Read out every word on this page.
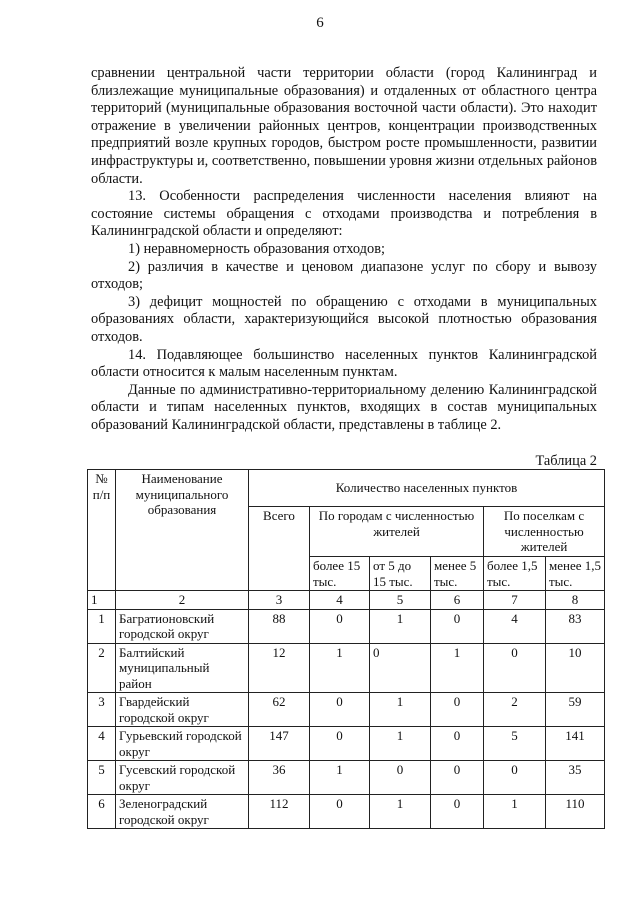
6

сравнении центральной части территории области (город Калининград и близлежащие муниципальные образования) и отдаленных от областного центра территорий (муниципальные образования восточной части области). Это находит отражение в увеличении районных центров, концентрации производственных предприятий возле крупных городов, быстром росте промышленности, развитии инфраструктуры и, соответственно, повышении уровня жизни отдельных районов области.

13. Особенности распределения численности населения влияют на состояние системы обращения с отходами производства и потребления в Калининградской области и определяют:

1) неравномерность образования отходов;

2) различия в качестве и ценовом диапазоне услуг по сбору и вывозу отходов;

3) дефицит мощностей по обращению с отходами в муниципальных образованиях области, характеризующийся высокой плотностью образования отходов.

14. Подавляющее большинство населенных пунктов Калининградской области относится к малым населенным пунктам.

Данные по административно-территориальному делению Калининградской области и типам населенных пунктов, входящих в состав муниципальных образований Калининградской области, представлены в таблице 2.

Таблица 2
№ п/п	Наименование муниципального образования	Количество населенных пунктов					
		Всего	По городам с численностью жителей			По поселкам с численностью жителей	
			более 15 тыс.	от 5 до 15 тыс.	менее 5 тыс.	более 1,5 тыс.	менее 1,5 тыс.
1	2	3	4	5	6	7	8
1	Багратионовский городской округ	88	0	1	0	4	83
2	Балтийский муниципальный район	12	1	0	1	0	10
3	Гвардейский городской округ	62	0	1	0	2	59
4	Гурьевский городской округ	147	0	1	0	5	141
5	Гусевский городской округ	36	1	0	0	0	35
6	Зеленоградский городской округ	112	0	1	0	1	110
